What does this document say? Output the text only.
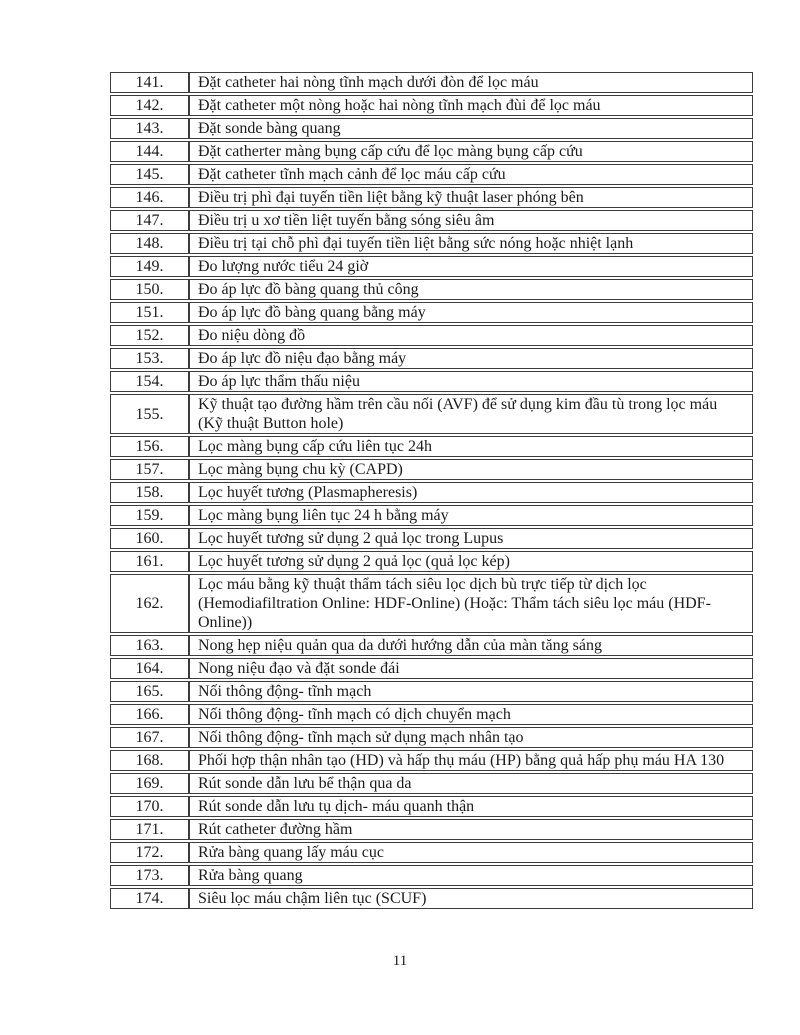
141.	Đặt catheter hai nòng tĩnh mạch dưới đòn để lọc máu
142.	Đặt catheter một nòng hoặc hai nòng tĩnh mạch đùi để lọc máu
143.	Đặt sonde bàng quang
144.	Đặt catherter màng bụng cấp cứu để lọc màng bụng cấp cứu
145.	Đặt catheter tĩnh mạch cảnh để lọc máu cấp cứu
146.	Điều trị phì đại tuyến tiền liệt bằng kỹ thuật laser phóng bên
147.	Điều trị u xơ tiền liệt tuyến bằng sóng siêu âm
148.	Điều trị tại chỗ phì đại tuyến tiền liệt bằng sức nóng hoặc nhiệt lạnh
149.	Đo lượng nước tiểu 24 giờ
150.	Đo áp lực đồ bàng quang thủ công
151.	Đo áp lực đồ bàng quang bằng máy
152.	Đo niệu dòng đồ
153.	Đo áp lực đồ niệu đạo bằng máy
154.	Đo áp lực thẩm thấu niệu
155.	Kỹ thuật tạo đường hầm trên cầu nối (AVF) để sử dụng kim đầu tù trong lọc máu (Kỹ thuật Button hole)
156.	Lọc màng bụng cấp cứu liên tục 24h
157.	Lọc màng bụng chu kỳ (CAPD)
158.	Lọc huyết tương (Plasmapheresis)
159.	Lọc màng bụng liên tục 24 h bằng máy
160.	Lọc huyết tương sử dụng 2 quả lọc trong Lupus
161.	Lọc huyết tương sử dụng 2 quả lọc (quả lọc kép)
162.	Lọc máu bằng kỹ thuật thẩm tách siêu lọc dịch bù trực tiếp từ dịch lọc (Hemodiafiltration Online: HDF-Online) (Hoặc: Thẩm tách siêu lọc máu (HDF-Online))
163.	Nong hẹp niệu quản qua da dưới hướng dẫn của màn tăng sáng
164.	Nong niệu đạo và đặt sonde đái
165.	Nối thông động- tĩnh mạch
166.	Nối thông động- tĩnh mạch có dịch chuyển mạch
167.	Nối thông động- tĩnh mạch sử dụng mạch nhân tạo
168.	Phối hợp thận nhân tạo (HD) và hấp thụ máu (HP) bằng quả hấp phụ máu HA 130
169.	Rút sonde dẫn lưu bể thận qua da
170.	Rút sonde dẫn lưu tụ dịch- máu quanh thận
171.	Rút catheter đường hầm
172.	Rửa bàng quang lấy máu cục
173.	Rửa bàng quang
174.	Siêu lọc máu chậm liên tục (SCUF)
11
